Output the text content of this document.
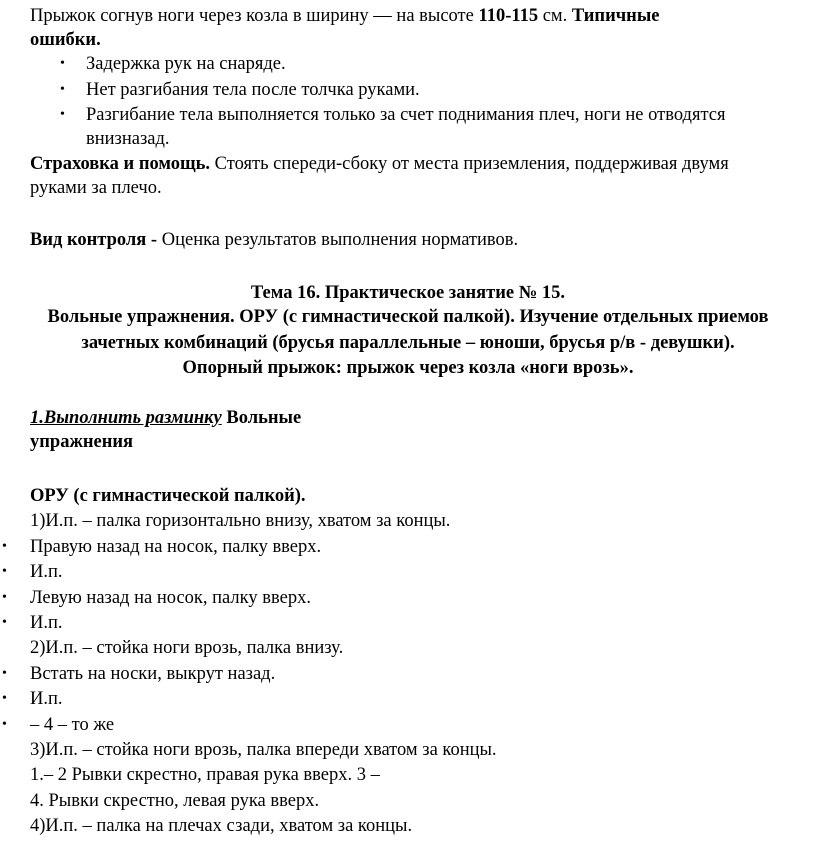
Прыжок согнув ноги через козла в ширину — на высоте 110-115 см. Типичные
ошибки.
• Задержка рук на снаряде.
• Нет разгибания тела после толчка руками.
• Разгибание тела выполняется только за счет поднимания плеч, ноги не отводятся
внизназад.
Страховка и помощь. Стоять спереди-сбоку от места приземления, поддерживая двумя
руками за плечо.
Вид контроля - Оценка результатов выполнения нормативов.
Тема 16. Практическое занятие № 15.
Вольные упражнения. ОРУ (с гимнастической палкой). Изучение отдельных приемов
зачетных комбинаций (брусья параллельные – юноши, брусья р/в - девушки).
Опорный прыжок: прыжок через козла «ноги врозь».
1.Выполнить разминку Вольные
упражнения
ОРУ (с гимнастической палкой).
1)И.п. – палка горизонтально внизу, хватом за концы.
• Правую назад на носок, палку вверх.
• И.п.
• Левую назад на носок, палку вверх.
• И.п.
2)И.п. – стойка ноги врозь, палка внизу.
• Встать на носки, выкрут назад.
• И.п.
• – 4 – то же
3)И.п. – стойка ноги врозь, палка впереди хватом за концы.
1.– 2 Рывки скрестно, правая рука вверх. 3 –
4. Рывки скрестно, левая рука вверх.
4)И.п. – палка на плечах сзади, хватом за концы.
